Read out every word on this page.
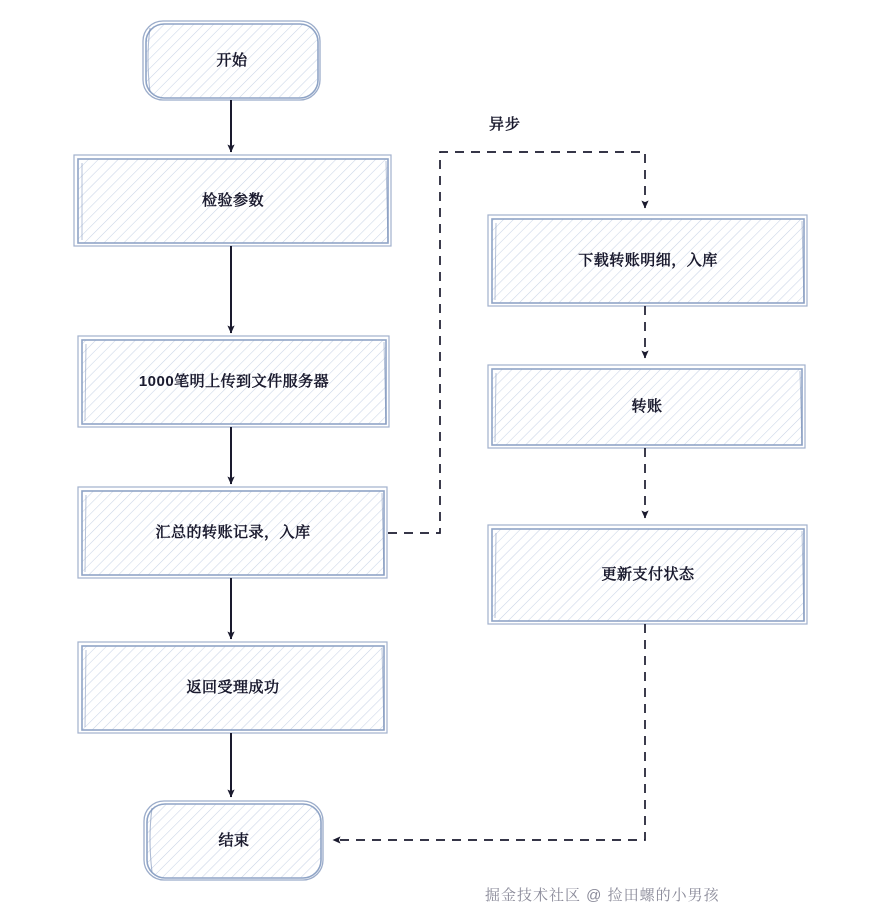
开始
检验参数
1000笔明上传到文件服务器
汇总的转账记录，入库
返回受理成功
结束
下载转账明细，入库
转账
更新支付状态
异步
掘金技术社区 @ 捡田螺的小男孩
